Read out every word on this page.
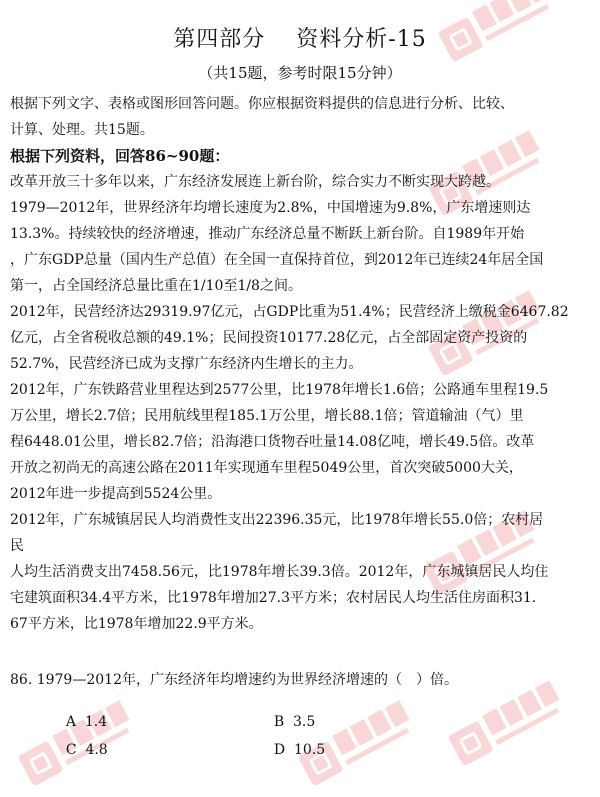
第四部分　 资料分析-15
（共15题，参考时限15分钟）
根据下列文字、表格或图形回答问题。你应根据资料提供的信息进行分析、比较、
计算、处理。共15题。
根据下列资料，回答86~90题：
改革开放三十多年以来，广东经济发展连上新台阶，综合实力不断实现大跨越。
1979—2012年，世界经济年均增长速度为2.8%，中国增速为9.8%，广东增速则达
13.3%。持续较快的经济增速，推动广东经济总量不断跃上新台阶。自1989年开始
，广东GDP总量（国内生产总值）在全国一直保持首位，到2012年已连续24年居全国
第一，占全国经济总量比重在1/10至1/8之间。
2012年，民营经济达29319.97亿元，占GDP比重为51.4%；民营经济上缴税金6467.82
亿元，占全省税收总额的49.1%；民间投资10177.28亿元，占全部固定资产投资的
52.7%，民营经济已成为支撑广东经济内生增长的主力。
2012年，广东铁路营业里程达到2577公里，比1978年增长1.6倍；公路通车里程19.5
万公里，增长2.7倍；民用航线里程185.1万公里，增长88.1倍；管道输油（气）里
程6448.01公里，增长82.7倍；沿海港口货物吞吐量14.08亿吨，增长49.5倍。改革
开放之初尚无的高速公路在2011年实现通车里程5049公里，首次突破5000大关，
2012年进一步提高到5524公里。
2012年，广东城镇居民人均消费性支出22396.35元，比1978年增长55.0倍；农村居
民
人均生活消费支出7458.56元，比1978年增长39.3倍。2012年，广东城镇居民人均住
宅建筑面积34.4平方米，比1978年增加27.3平方米；农村居民人均生活住房面积31.
67平方米，比1978年增加22.9平方米。
86. 1979—2012年，广东经济年均增速约为世界经济增速的（　）倍。

A 1.4
	B 3.5

C 4.8
	D 10.5
